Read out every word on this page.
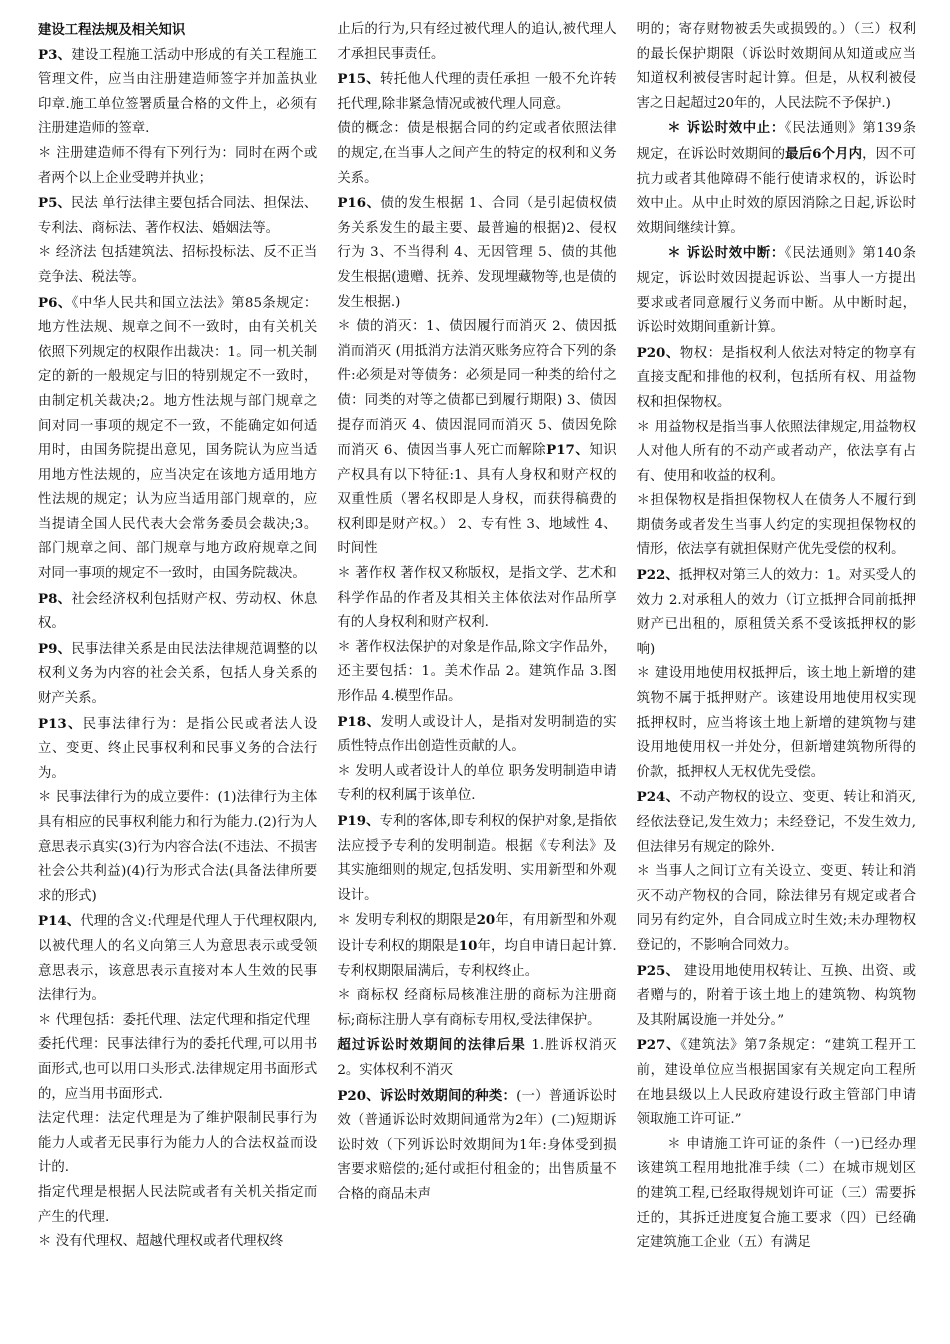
建设工程法规及相关知识

P3、建设工程施工活动中形成的有关工程施工管理文件，应当由注册建造师签字并加盖执业印章.施工单位签署质量合格的文件上，必须有注册建造师的签章.

＊ 注册建造师不得有下列行为：同时在两个或者两个以上企业受聘并执业；

P5、民法 单行法律主要包括合同法、担保法、专利法、商标法、著作权法、婚姻法等。

＊ 经济法 包括建筑法、招标投标法、反不正当竞争法、税法等。

P6、《中华人民共和国立法法》第85条规定：地方性法规、规章之间不一致时，由有关机关依照下列规定的权限作出裁决：1。同一机关制定的新的一般规定与旧的特别规定不一致时，由制定机关裁决;2。地方性法规与部门规章之间对同一事项的规定不一致，不能确定如何适用时，由国务院提出意见，国务院认为应当适用地方性法规的，应当决定在该地方适用地方性法规的规定；认为应当适用部门规章的，应当提请全国人民代表大会常务委员会裁决;3。部门规章之间、部门规章与地方政府规章之间对同一事项的规定不一致时，由国务院裁决。

P8、社会经济权利包括财产权、劳动权、休息权。

P9、民事法律关系是由民法法律规范调整的以权利义务为内容的社会关系，包括人身关系的财产关系。

P13、民事法律行为：是指公民或者法人设立、变更、终止民事权利和民事义务的合法行为。

＊ 民事法律行为的成立要件：(1)法律行为主体具有相应的民事权利能力和行为能力.(2)行为人意思表示真实(3)行为内容合法(不违法、不损害社会公共利益)(4)行为形式合法(具备法律所要求的形式)

P14、代理的含义:代理是代理人于代理权限内,以被代理人的名义向第三人为意思表示或受领意思表示，该意思表示直接对本人生效的民事法律行为。

＊ 代理包括：委托代理、法定代理和指定代理

委托代理：民事法律行为的委托代理,可以用书面形式,也可以用口头形式.法律规定用书面形式的，应当用书面形式.

法定代理：法定代理是为了维护限制民事行为能力人或者无民事行为能力人的合法权益而设计的.

指定代理是根据人民法院或者有关机关指定而产生的代理.

＊ 没有代理权、超越代理权或者代理权终

止后的行为,只有经过被代理人的追认,被代理人才承担民事责任。

P15、转托他人代理的责任承担 一般不允许转托代理,除非紧急情况或被代理人同意。

债的概念：债是根据合同的约定或者依照法律的规定,在当事人之间产生的特定的权利和义务关系。

P16、债的发生根据 1、合同（是引起债权债务关系发生的最主要、最普遍的根据)2、侵权行为 3、不当得利 4、无因管理 5、债的其他发生根据(遗赠、抚养、发现埋藏物等,也是债的发生根据.)

＊ 债的消灭：1、债因履行而消灭 2、债因抵消而消灭 (用抵消方法消灭账务应符合下列的条件:必须是对等债务：必须是同一种类的给付之债：同类的对等之债都已到履行期限) 3、债因提存而消灭 4、债因混同而消灭 5、债因免除而消灭 6、债因当事人死亡而解除P17、知识产权具有以下特征:1、具有人身权和财产权的双重性质（署名权即是人身权，而获得稿费的权利即是财产权。） 2、专有性 3、地域性 4、时间性

＊ 著作权 著作权又称版权，是指文学、艺术和科学作品的作者及其相关主体依法对作品所享有的人身权利和财产权利.

＊ 著作权法保护的对象是作品,除文字作品外，还主要包括：1。美术作品 2。建筑作品 3.图形作品 4.模型作品。

P18、发明人或设计人，是指对发明制造的实质性特点作出创造性贡献的人。

＊ 发明人或者设计人的单位 职务发明制造申请专利的权利属于该单位.

P19、专利的客体,即专利权的保护对象,是指依法应授予专利的发明制造。根据《专利法》及其实施细则的规定,包括发明、实用新型和外观设计。

＊ 发明专利权的期限是20年，有用新型和外观设计专利权的期限是10年，均自申请日起计算.专利权期限届满后，专利权终止。

＊ 商标权 经商标局核准注册的商标为注册商标;商标注册人享有商标专用权,受法律保护。

超过诉讼时效期间的法律后果 1.胜诉权消灭 2。实体权利不消灭

P20、诉讼时效期间的种类：(一）普通诉讼时效（普通诉讼时效期间通常为2年）(二)短期诉讼时效（下列诉讼时效期间为1年:身体受到损害要求赔偿的;延付或拒付租金的；出售质量不合格的商品未声

明的；寄存财物被丢失或损毁的。）（三）权利的最长保护期限（诉讼时效期间从知道或应当知道权利被侵害时起计算。但是，从权利被侵害之日起超过20年的，人民法院不予保护.)

＊ 诉讼时效中止：《民法通则》第139条规定，在诉讼时效期间的最后6个月内，因不可抗力或者其他障碍不能行使请求权的，诉讼时效中止。从中止时效的原因消除之日起,诉讼时效期间继续计算。

＊ 诉讼时效中断：《民法通则》第140条规定，诉讼时效因提起诉讼、当事人一方提出要求或者同意履行义务而中断。从中断时起，诉讼时效期间重新计算。

P20、物权：是指权利人依法对特定的物享有直接支配和排他的权利，包括所有权、用益物权和担保物权。

＊ 用益物权是指当事人依照法律规定,用益物权人对他人所有的不动产或者动产，依法享有占有、使用和收益的权利。

＊担保物权是指担保物权人在债务人不履行到期债务或者发生当事人约定的实现担保物权的情形，依法享有就担保财产优先受偿的权利。

P22、抵押权对第三人的效力：1。对买受人的效力 2.对承租人的效力（订立抵押合同前抵押财产已出租的，原租赁关系不受该抵押权的影响)

＊ 建设用地使用权抵押后，该土地上新增的建筑物不属于抵押财产。该建设用地使用权实现抵押权时，应当将该土地上新增的建筑物与建设用地使用权一并处分，但新增建筑物所得的价款，抵押权人无权优先受偿。

P24、不动产物权的设立、变更、转让和消灭,经依法登记,发生效力；未经登记，不发生效力,但法律另有规定的除外.

＊ 当事人之间订立有关设立、变更、转让和消灭不动产物权的合同，除法律另有规定或者合同另有约定外，自合同成立时生效;未办理物权登记的，不影响合同效力。

P25、 建设用地使用权转让、互换、出资、或者赠与的，附着于该土地上的建筑物、构筑物及其附属设施一并处分。”

P27、《建筑法》第7条规定：“建筑工程开工前，建设单位应当根据国家有关规定向工程所在地县级以上人民政府建设行政主管部门申请领取施工许可证.”

＊ 申请施工许可证的条件（一)已经办理该建筑工程用地批准手续（二）在城市规划区的建筑工程,已经取得规划许可证（三）需要拆迁的，其拆迁进度复合施工要求（四）已经确定建筑施工企业（五）有满足
